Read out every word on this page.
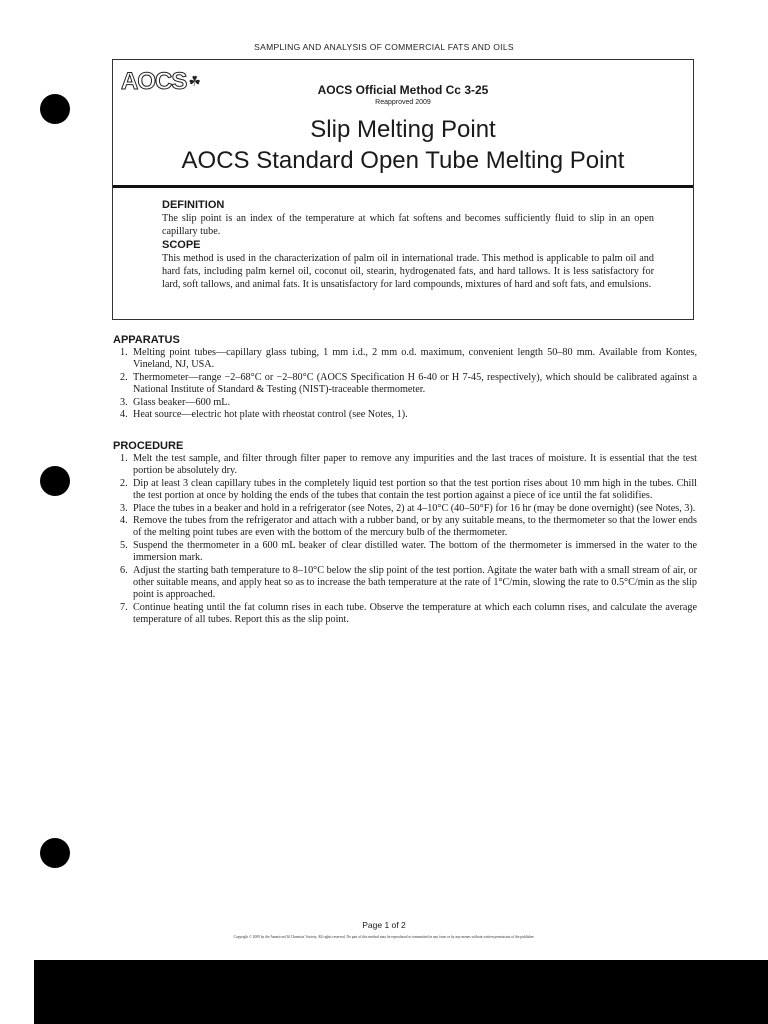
SAMPLING AND ANALYSIS OF COMMERCIAL FATS AND OILS
AOCS ☘
AOCS Official Method Cc 3-25
Reapproved 2009
Slip Melting Point
AOCS Standard Open Tube Melting Point
DEFINITION

The slip point is an index of the temperature at which fat softens and becomes sufficiently fluid to slip in an open capillary tube.

SCOPE

This method is used in the characterization of palm oil in international trade. This method is applicable to palm oil and hard fats, including palm kernel oil, coconut oil, stearin, hydrogenated fats, and hard tallows. It is less satisfactory for lard, soft tallows, and animal fats. It is unsatisfactory for lard compounds, mixtures of hard and soft fats, and emulsions.

APPARATUS
1. Melting point tubes—capillary glass tubing, 1 mm i.d., 2 mm o.d. maximum, convenient length 50–80 mm. Available from Kontes, Vineland, NJ, USA.
2. Thermometer—range −2–68°C or −2–80°C (AOCS Specification H 6-40 or H 7-45, respectively), which should be calibrated against a National Institute of Standard & Testing (NIST)-traceable thermometer.
3. Glass beaker—600 mL.
4. Heat source—electric hot plate with rheostat control (see Notes, 1).
PROCEDURE
1. Melt the test sample, and filter through filter paper to remove any impurities and the last traces of moisture. It is essential that the test portion be absolutely dry.
2. Dip at least 3 clean capillary tubes in the completely liquid test portion so that the test portion rises about 10 mm high in the tubes. Chill the test portion at once by holding the ends of the tubes that contain the test portion against a piece of ice until the fat solidifies.
3. Place the tubes in a beaker and hold in a refrigerator (see Notes, 2) at 4–10°C (40–50°F) for 16 hr (may be done overnight) (see Notes, 3).
4. Remove the tubes from the refrigerator and attach with a rubber band, or by any suitable means, to the thermometer so that the lower ends of the melting point tubes are even with the bottom of the mercury bulb of the thermometer.
5. Suspend the thermometer in a 600 mL beaker of clear distilled water. The bottom of the thermometer is immersed in the water to the immersion mark.
6. Adjust the starting bath temperature to 8–10°C below the slip point of the test portion. Agitate the water bath with a small stream of air, or other suitable means, and apply heat so as to increase the bath temperature at the rate of 1°C/min, slowing the rate to 0.5°C/min as the slip point is approached.
7. Continue heating until the fat column rises in each tube. Observe the temperature at which each column rises, and calculate the average temperature of all tubes. Report this as the slip point.
Page 1 of 2
Copyright © 2009 by the American Oil Chemists' Society. All rights reserved. No part of this method may be reproduced or transmitted in any form or by any means without written permission of the publisher.
